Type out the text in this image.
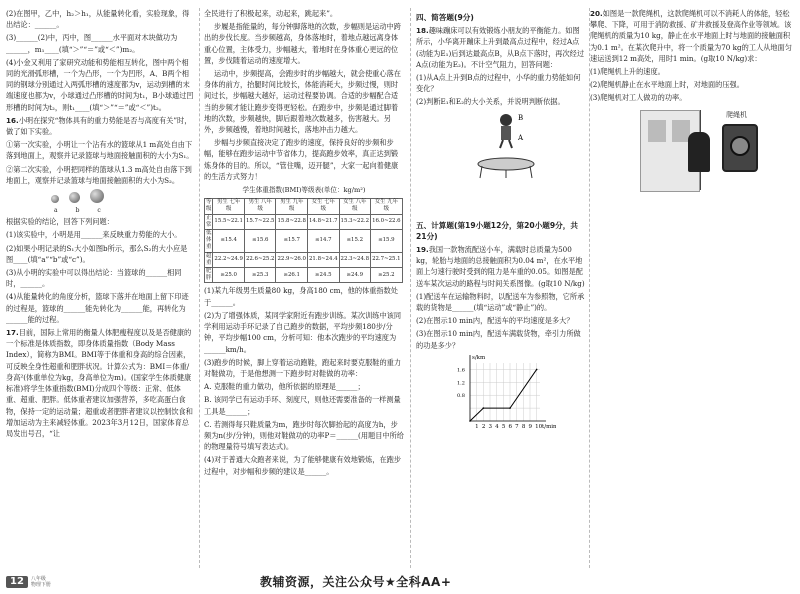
(2)在图甲，乙中，h₂＞h₁，从能量转化看，实验现象，得出结论：______。

(3)______(2)中，丙中，图______水平面对木块做功为______，m₁____(填“＞”“＝”或“＜”)m₂。

(4)小金又利用了家研究动能和势能相互转化，图中两个相同的光滑弧形槽，一个为凸形，一个为凹形，A、B两个相同的钢球分别通过入两弧形槽的速度都为v，运动到槽的末端速度也都为v，小球通过凸形槽的时间为t₁，B小球通过凹形槽的时间为t₂，则t₁____(填“＞”“＝”或“＜”)t₂。

16.小明在探究“物体具有的重力势能是否与高度有关”时，做了如下实验。

①第一次实验，小明让一个沾有水的篮球从1 m高处自由下落到地面上，观察并记录篮球与地面接触面积的大小为S₁。

②第二次实验，小明把同样的篮球从1.3 m高处自由落下到地面上，观察并记录篮球与地面接触面积的大小为S₂。

a	b	c

根据实验的结论，回答下列问题：

(1)该实验中，小明是用______来反映重力势能的大小。

(2)如果小明记录的S₁大小如图b所示，那么S₂的大小应是图____(填“a”“b”或“c”)。

(3)从小明的实验中可以得出结论：当篮球的______相同时，______。

(4)从能量转化的角度分析，篮球下落并在地面上留下印迹的过程是，篮球的______能先转化为______能，再转化为______能的过程。

17.目前，国际上常用的衡量人体肥瘦程度以及是否健康的一个标准是体质指数，即身体质量指数（Body Mass Index），简称为BMI。BMI等于体重和身高的综合因素，可反映全身性超重和肥胖状况。计算公式为：BMI＝体重/身高²(体重单位为kg，身高单位为m)。(国家学生体质健康标准)将学生体重指数(BMI)分成四个等级：正常、低体重、超重、肥胖。低体重者建议加强营养，多吃高蛋白食物，保持一定的运动量；超重或者肥胖者建议以控制饮食和增加运动为主来减轻体重。2023年3月12日，国家体育总局发出号召，“让

全民进行了积极起来，动起来，跳起来”。

步履是指能量的，每分钟脚落地的次数，步幅则是运动中跨出的步伐长度。当步频越高，身体落地时，着地点越远离身体重心位置，主体受力，步幅越大，着地时在身体重心更远的位置，步伐随着运动的速度增大。

运动中，步频提高，会跑步时的步幅越大，就会使重心落在身体的前方，抬腿时间比较长，体能消耗大，步频过慢，则时间过长，步幅越大越好，运动过程要协调。合适的步幅配合适当的步频才能让跑步变得更轻松。在跑步中，步频是通过脚着地的次数，步频越快，脚后跟着地次数越多，伤害越大。另外，步频越慢，着地时间越长，落地冲击力越大。

步幅与步频直接决定了跑步的速度，保持良好的步频和步幅，能够在跑步运动中节省体力，提高跑步效率，真正达到锻炼身体的目的。所以，“管住嘴，迈开腿”，大家一起向着健康的生活方式努力！

学生体重指数(BMI)等级表(单位：kg/m²)
等级	男生 七年级	男生 八年级	男生 九年级	女生 七年级	女生 八年级	女生 九年级
正常	15.5~22.1	15.7~22.5	15.8~22.8	14.8~21.7	15.3~22.2	16.0~22.6
低体重	≤15.4	≤15.6	≤15.7	≤14.7	≤15.2	≤15.9
超重	22.2~24.9	22.6~25.2	22.9~26.0	21.8~24.4	22.3~24.8	22.7~25.1
肥胖	≥25.0	≥25.3	≥26.1	≥24.5	≥24.9	≥25.2

(1)某九年级男生质量80 kg，身高180 cm，他的体重指数处于______。

(2)为了增强体质，某同学家附近有跑步训练。某次训练中该同学利用运动手环记录了自己跑步的数据，平均步频180步/分钟，平均步幅100 cm，分析可知：他本次跑步的平均速度为______km/h。

(3)跑步的时候，脚上穿着运动跑鞋，跑起来时要克服鞋的重力对鞋做功，于是他想测一下跑步时对鞋做的功率：

A. 克服鞋的重力做功，他所依据的原理是______；

B. 该同学已有运动手环、刻度尺，则他还需要准备的一样测量工具是______；

C. 若测得每只鞋质量为m，跑步时每次脚抬起的高度为h，步频为n(步/分钟)，则他对鞋做功的功率P＝______(用题目中所给的物理量符号填写表达式)。

(4)对于普通大众跑者来说，为了能够健康有效地锻炼，在跑步过程中，对步幅和步频的建议是______。

四、简答题(9分)

18.趣味蹦床可以有效锻炼小朋友的平衡能力。如图所示，小华离开蹦床上升到最高点过程中，经过A点(动能为E₁)后到达最高点B，从B点下落时，再次经过A点(动能为E₂)。不计空气阻力，回答问题：

(1)从A点上升到B点的过程中，小华的重力势能如何变化？

(2)判断E₁和E₂的大小关系，并说明判断依据。

B
A
五、计算题(第19小题12分，第20小题9分，共21分)

19.我国一款物流配送小车，满载时总质量为500 kg，轮胎与地面的总接触面积为0.04 m²，在水平地面上匀速行驶时受到的阻力是车重的0.05。如图是配送车某次运动的路程与时间关系图像。(g取10 N/kg)

(1)配送车在运输物料时，以配送车为参照物，它所承载的货物是______(填“运动”或“静止”)的。

(2)在图示10 min内，配送车的平均速度是多大？

(3)在图示10 min内，配送车满载货物，牵引力所做的功是多少？

1 2 3 4 5 6 7 8 9 10
0.8
1.2
1.6
s/km
t/min

20.如图是一款爬绳机，这款爬绳机可以不消耗人的体能，轻松攀爬、下降，可用于消防救援、矿井救援及登高作业等领域。该爬绳机的质量为10 kg，静止在水平地面上时与地面的接触面积为0.1 m²。在某次爬升中，将一个质量为70 kg的工人从地面匀速运送到12 m高处，用时1 min。(g取10 N/kg)求：

(1)爬绳机上升的速度。

(2)爬绳机静止在水平地面上时，对地面的压强。

(3)爬绳机对工人做功的功率。

爬绳机
12	八年级
物理下册	教辅资源，关注公众号★全科AA+
